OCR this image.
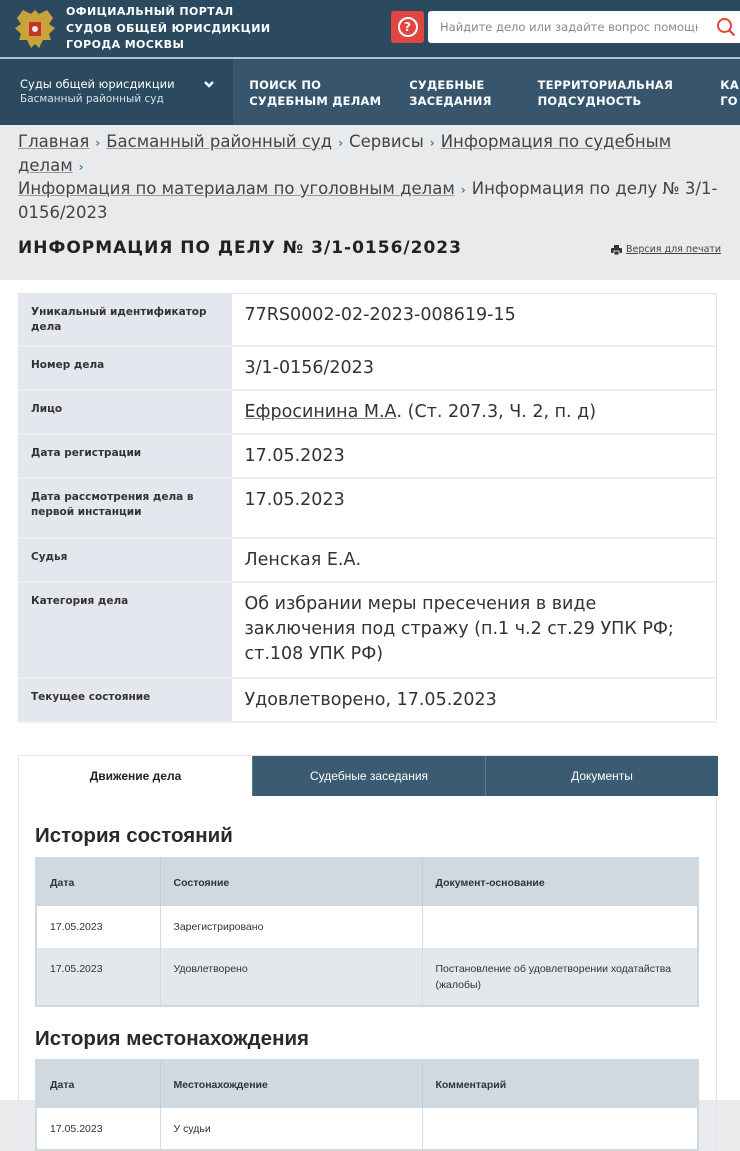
ОФИЦИАЛЬНЫЙ ПОРТАЛ
СУДОВ ОБЩЕЙ ЮРИСДИКЦИИ
ГОРОДА МОСКВЫ
?
Найдите дело или задайте вопрос помощнику
Суды общей юрисдикции
Басманный районный суд
ПОИСК ПО
СУДЕБНЫМ ДЕЛАМ
СУДЕБНЫЕ
ЗАСЕДАНИЯ
ТЕРРИТОРИАЛЬНАЯ
ПОДСУДНОСТЬ
КА
ГО
Главная › Басманный районный суд › Сервисы › Информация по судебным делам ›
Информация по материалам по уголовным делам › Информация по делу № 3/1-0156/2023
ИНФОРМАЦИЯ ПО ДЕЛУ № 3/1-0156/2023	Версия для печати
Уникальный идентификатор дела	77RS0002-02-2023-008619-15
Номер дела	3/1-0156/2023
Лицо	Ефросинина М.А. (Ст. 207.3, Ч. 2, п. д)
Дата регистрации	17.05.2023
Дата рассмотрения дела в первой инстанции	17.05.2023
Судья	Ленская Е.А.
Категория дела	Об избрании меры пресечения в виде заключения под стражу (п.1 ч.2 ст.29 УПК РФ; ст.108 УПК РФ)
Текущее состояние	Удовлетворено, 17.05.2023
Движение дела	Судебные заседания	Документы
История состояний
Дата	Состояние	Документ-основание
17.05.2023	Зарегистрировано	
17.05.2023	Удовлетворено	Постановление об удовлетворении ходатайства (жалобы)
История местонахождения
Дата	Местонахождение	Комментарий
17.05.2023	У судьи	
